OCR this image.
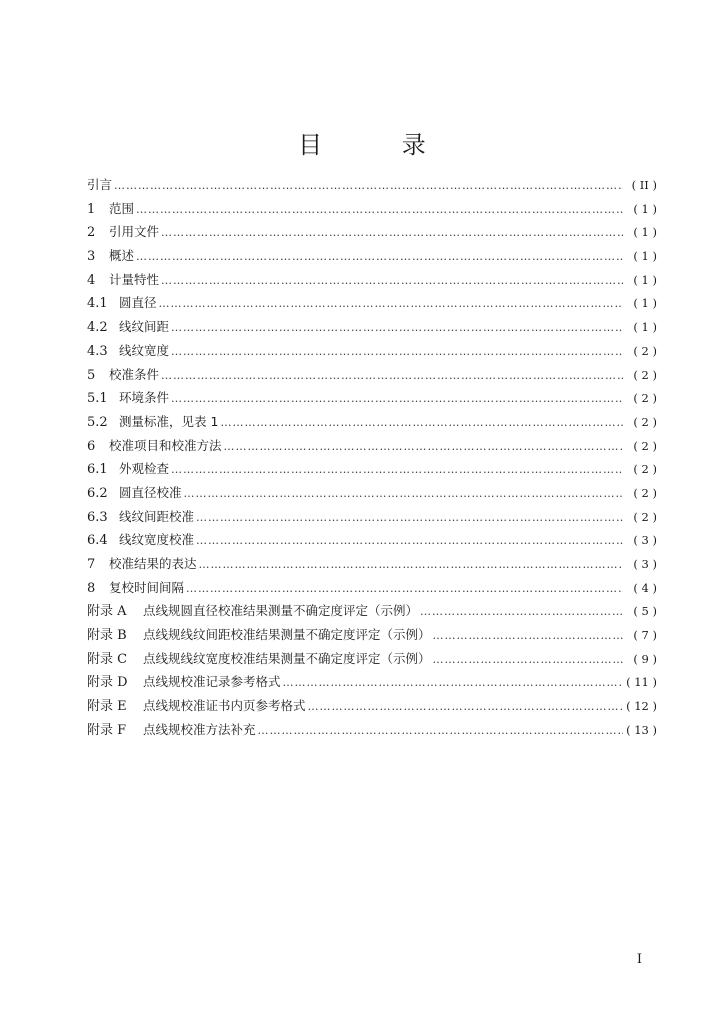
目 录
引言 ……………………………………………………………………………………………………………………………………………………………………	( II )
1	范围 ……………………………………………………………………………………………………………………………………………………………………	( 1 )
2	引用文件 ……………………………………………………………………………………………………………………………………………………………………	( 1 )
3	概述 ……………………………………………………………………………………………………………………………………………………………………	( 1 )
4	计量特性 ……………………………………………………………………………………………………………………………………………………………………	( 1 )
4.1 圆直径 ……………………………………………………………………………………………………………………………………………………………………	( 1 )
4.2 线纹间距 ……………………………………………………………………………………………………………………………………………………………………	( 1 )
4.3 线纹宽度 ……………………………………………………………………………………………………………………………………………………………………	( 2 )
5	校准条件 ……………………………………………………………………………………………………………………………………………………………………	( 2 )
5.1 环境条件 ……………………………………………………………………………………………………………………………………………………………………	( 2 )
5.2 测量标准，见表 1 ……………………………………………………………………………………………………………………………………………………………………	( 2 )
6	校准项目和校准方法 ……………………………………………………………………………………………………………………………………………………………………	( 2 )
6.1 外观检查 ……………………………………………………………………………………………………………………………………………………………………	( 2 )
6.2 圆直径校准 ……………………………………………………………………………………………………………………………………………………………………	( 2 )
6.3 线纹间距校准 ……………………………………………………………………………………………………………………………………………………………………	( 2 )
6.4 线纹宽度校准 ……………………………………………………………………………………………………………………………………………………………………	( 3 )
7	校准结果的表达 ……………………………………………………………………………………………………………………………………………………………………	( 3 )
8	复校时间间隔 ……………………………………………………………………………………………………………………………………………………………………	( 4 )
附录 A	点线规圆直径校准结果测量不确定度评定（示例） ……………………………………………………………………………………………………………………………………………………………………	( 5 )
附录 B	点线规线纹间距校准结果测量不确定度评定（示例） ……………………………………………………………………………………………………………………………………………………………………	( 7 )
附录 C	点线规线纹宽度校准结果测量不确定度评定（示例） ……………………………………………………………………………………………………………………………………………………………………	( 9 )
附录 D	点线规校准记录参考格式 ……………………………………………………………………………………………………………………………………………………………………	( 11 )
附录 E	点线规校准证书内页参考格式 ……………………………………………………………………………………………………………………………………………………………………	( 12 )
附录 F	点线规校准方法补充 ……………………………………………………………………………………………………………………………………………………………………	( 13 )
I
